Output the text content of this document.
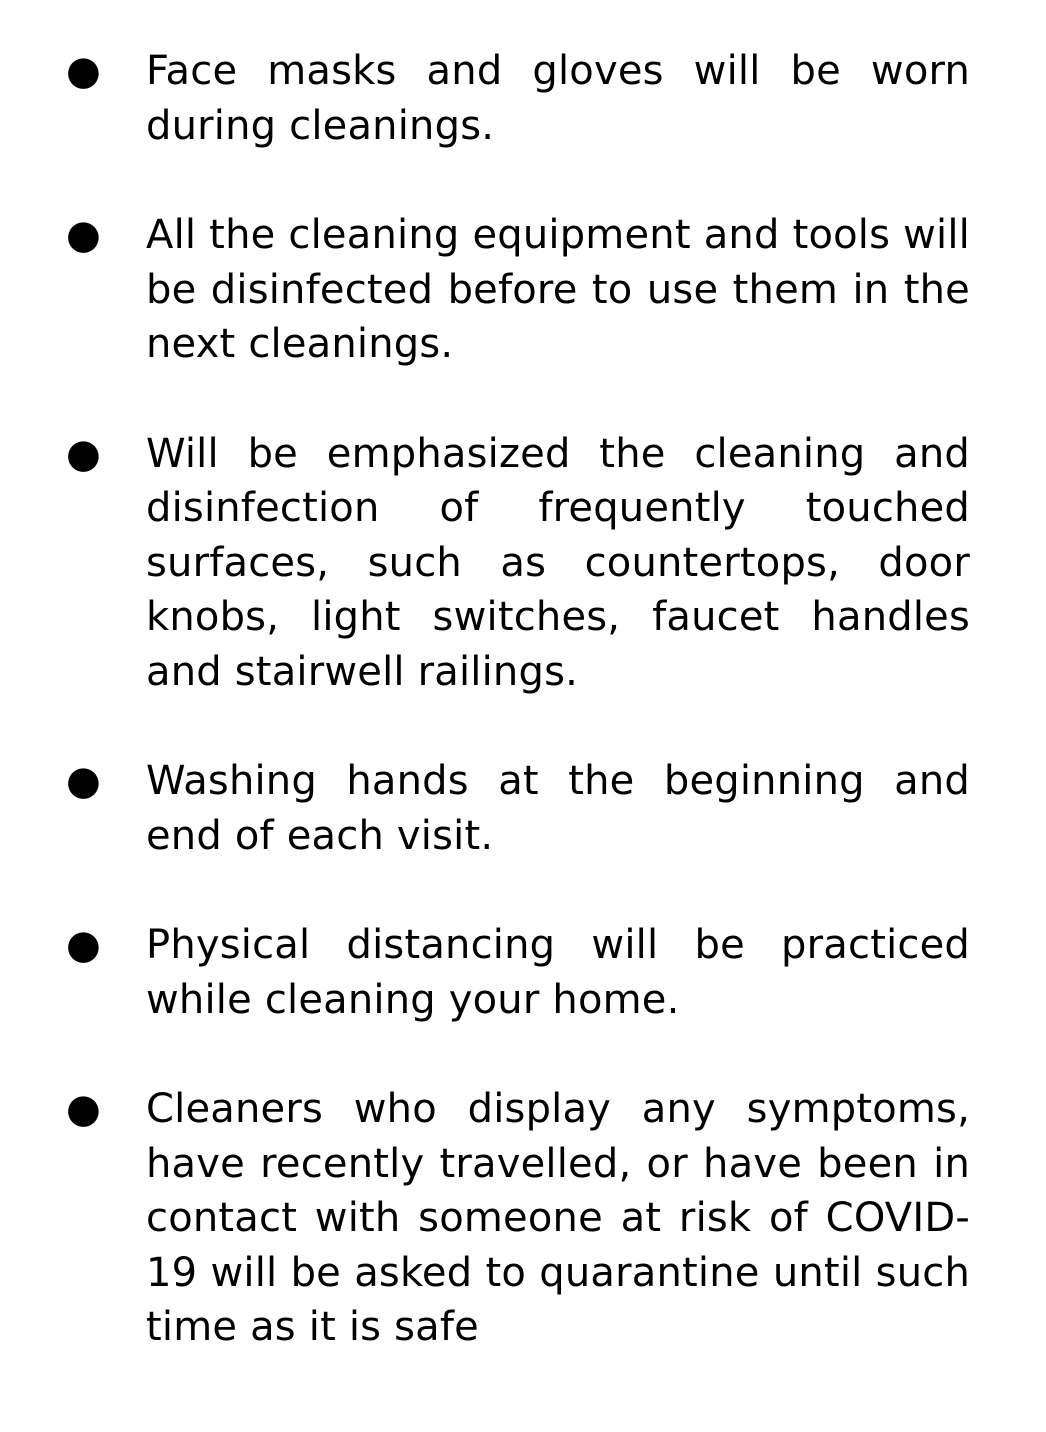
● Face masks and gloves will be worn during cleanings.
● All the cleaning equipment and tools will be disinfected before to use them in the next cleanings.
● Will be emphasized the cleaning and disinfection of frequently touched surfaces, such as countertops, door knobs, light switches, faucet handles and stairwell railings.
● Washing hands at the beginning and end of each visit.
● Physical distancing will be practiced while cleaning your home.
● Cleaners who display any symptoms, have recently travelled, or have been in contact with someone at risk of COVID-19 will be asked to quarantine until such time as it is safe
